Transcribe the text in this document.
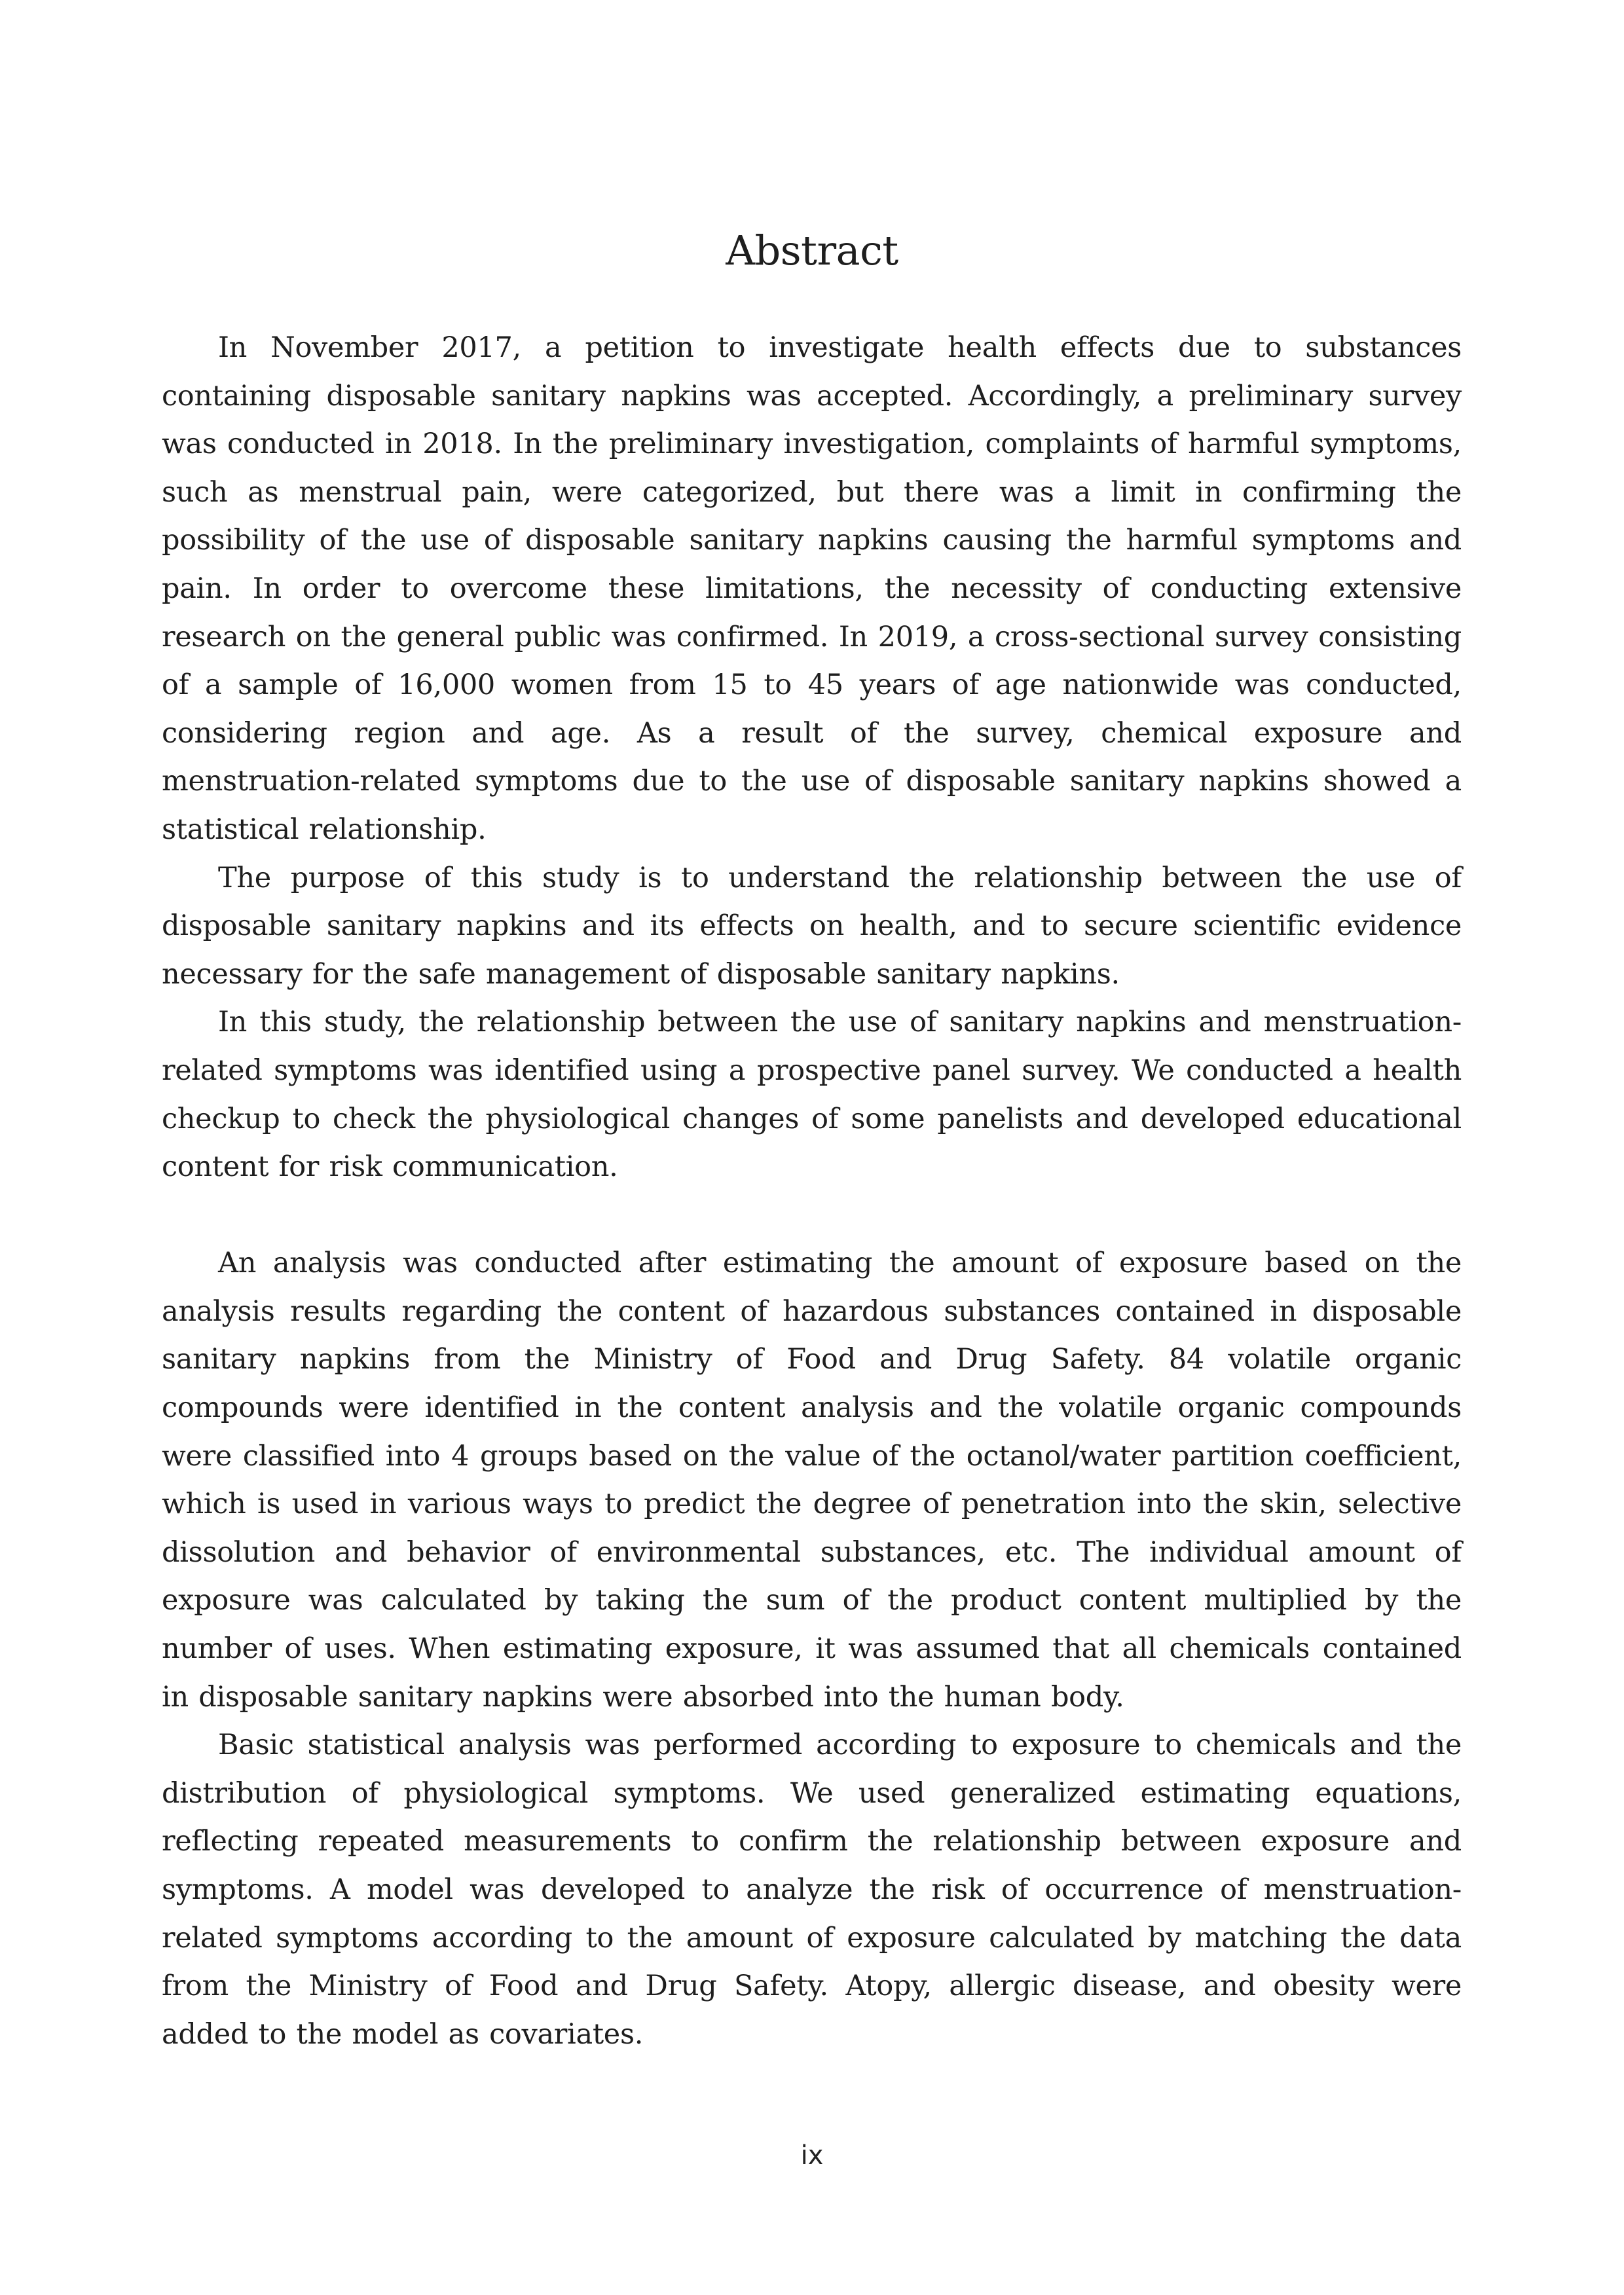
Abstract

In November 2017, a petition to investigate health effects due to substances containing disposable sanitary napkins was accepted. Accordingly, a preliminary survey was conducted in 2018. In the preliminary investigation, complaints of harmful symptoms, such as menstrual pain, were categorized, but there was a limit in confirming the possibility of the use of disposable sanitary napkins causing the harmful symptoms and pain. In order to overcome these limitations, the necessity of conducting extensive research on the general public was confirmed. In 2019, a cross-sectional survey consisting of a sample of 16,000 women from 15 to 45 years of age nationwide was conducted, considering region and age. As a result of the survey, chemical exposure and menstruation-related symptoms due to the use of disposable sanitary napkins showed a statistical relationship.

The purpose of this study is to understand the relationship between the use of disposable sanitary napkins and its effects on health, and to secure scientific evidence necessary for the safe management of disposable sanitary napkins.

In this study, the relationship between the use of sanitary napkins and menstruation-related symptoms was identified using a prospective panel survey. We conducted a health checkup to check the physiological changes of some panelists and developed educational content for risk communication.

An analysis was conducted after estimating the amount of exposure based on the analysis results regarding the content of hazardous substances contained in disposable sanitary napkins from the Ministry of Food and Drug Safety. 84 volatile organic compounds were identified in the content analysis and the volatile organic compounds were classified into 4 groups based on the value of the octanol/water partition coefficient, which is used in various ways to predict the degree of penetration into the skin, selective dissolution and behavior of environmental substances, etc. The individual amount of exposure was calculated by taking the sum of the product content multiplied by the number of uses. When estimating exposure, it was assumed that all chemicals contained in disposable sanitary napkins were absorbed into the human body.

Basic statistical analysis was performed according to exposure to chemicals and the distribution of physiological symptoms. We used generalized estimating equations, reflecting repeated measurements to confirm the relationship between exposure and symptoms. A model was developed to analyze the risk of occurrence of menstruation-related symptoms according to the amount of exposure calculated by matching the data from the Ministry of Food and Drug Safety. Atopy, allergic disease, and obesity were added to the model as covariates.

ix
